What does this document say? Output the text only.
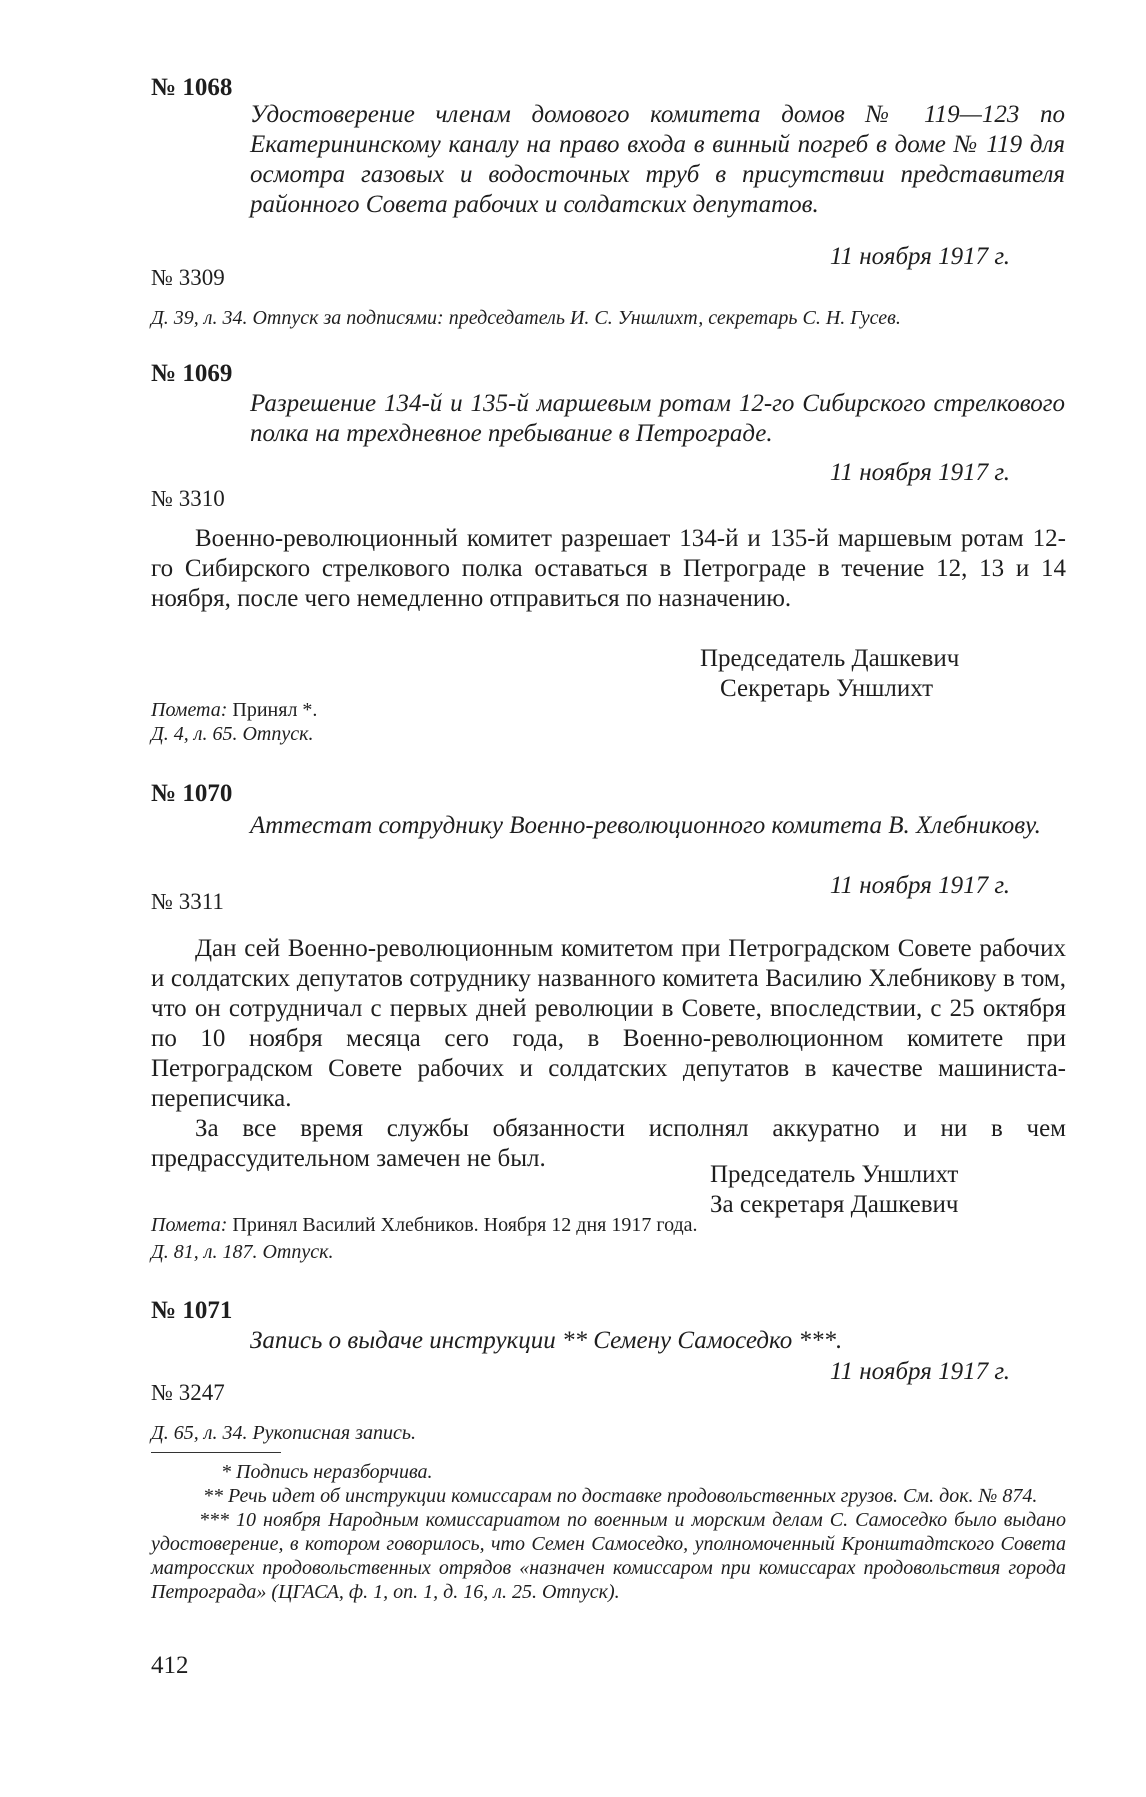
№ 1068
Удостоверение членам домового комитета домов № 119—123 по Екатерининскому каналу на право входа в винный погреб в доме № 119 для осмотра газовых и водосточных труб в присутствии представителя районного Совета рабочих и солдатских депутатов.
11 ноября 1917 г.
№ 3309
Д. 39, л. 34. Отпуск за подписями: председатель И. С. Уншлихт, секретарь С. Н. Гусев.
№ 1069
Разрешение 134-й и 135-й маршевым ротам 12-го Сибирского стрелкового полка на трехдневное пребывание в Петрограде.
11 ноября 1917 г.
№ 3310

Военно-революционный комитет разрешает 134-й и 135-й маршевым ротам 12-го Сибирского стрелкового полка оставаться в Петрограде в течение 12, 13 и 14 ноября, после чего немедленно отправиться по назначению.

Председатель Дашкевич
Секретарь Уншлихт
Помета: Принял *.
Д. 4, л. 65. Отпуск.
№ 1070
Аттестат сотруднику Военно-революционного комитета В. Хлебникову.
11 ноября 1917 г.
№ 3311

Дан сей Военно-революционным комитетом при Петроградском Совете рабочих и солдатских депутатов сотруднику названного комитета Василию Хлебникову в том, что он сотрудничал с первых дней революции в Совете, впоследствии, с 25 октября по 10 ноября месяца сего года, в Военно-революционном комитете при Петроградском Совете рабочих и солдатских депутатов в качестве машиниста-переписчика.

За все время службы обязанности исполнял аккуратно и ни в чем предрассудительном замечен не был.

Председатель Уншлихт
За секретаря Дашкевич
Помета: Принял Василий Хлебников. Ноября 12 дня 1917 года.
Д. 81, л. 187. Отпуск.
№ 1071
Запись о выдаче инструкции ** Семену Самоседко ***.
11 ноября 1917 г.
№ 3247
Д. 65, л. 34. Рукописная запись.
* Подпись неразборчива.
** Речь идет об инструкции комиссарам по доставке продовольственных грузов. См. док. № 874.
*** 10 ноября Народным комиссариатом по военным и морским делам С. Самоседко было выдано удостоверение, в котором говорилось, что Семен Самоседко, уполномоченный Кронштадтского Совета матросских продовольственных отрядов «назначен комиссаром при комиссарах продовольствия города Петрограда» (ЦГАСА, ф. 1, оп. 1, д. 16, л. 25. Отпуск).
412
